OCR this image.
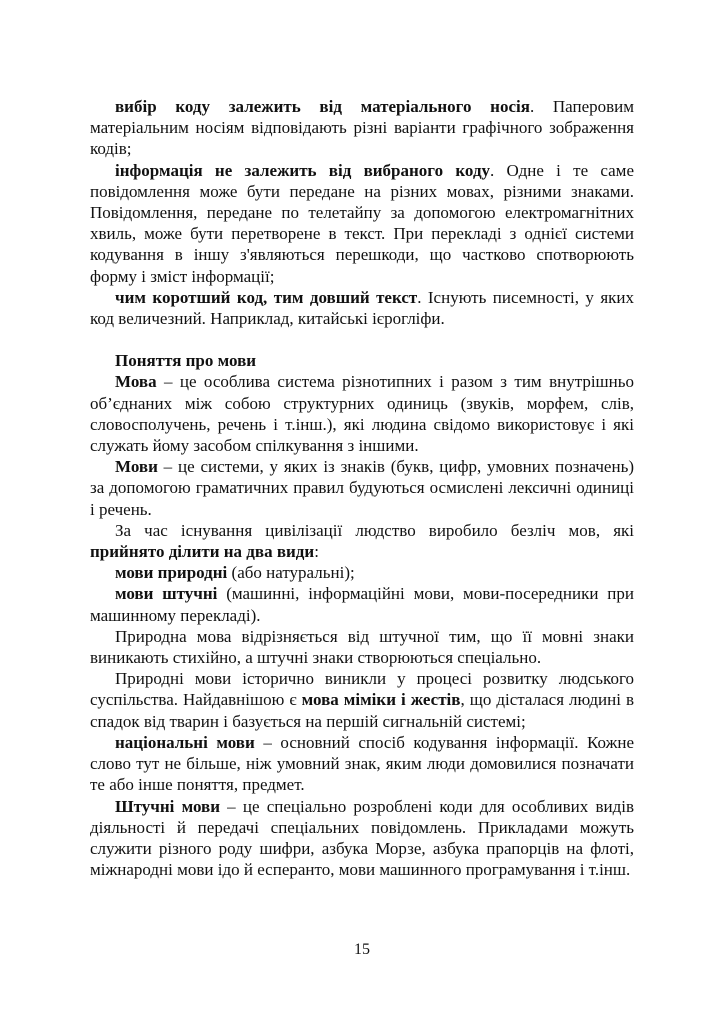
вибір коду залежить від матеріального носія. Паперовим матеріальним носіям відповідають різні варіанти графічного зображення кодів;

інформація не залежить від вибраного коду. Одне і те саме повідомлення може бути передане на різних мовах, різними знаками. Повідомлення, передане по телетайпу за допомогою електромагнітних хвиль, може бути перетворене в текст. При перекладі з однієї системи кодування в іншу з'являються перешкоди, що частково спотворюють форму і зміст інформації;

чим коротший код, тим довший текст. Існують писемності, у яких код величезний. Наприклад, китайські ієрогліфи.

Поняття про мови

Мова – це особлива система різнотипних і разом з тим внутрішньо об’єднаних між собою структурних одиниць (звуків, морфем, слів, словосполучень, речень і т.інш.), які людина свідомо використовує і які служать йому засобом спілкування з іншими.

Мови – це системи, у яких із знаків (букв, цифр, умовних позначень) за допомогою граматичних правил будуються осмислені лексичні одиниці і речень.

За час існування цивілізації людство виробило безліч мов, які прийнято ділити на два види:

мови природні (або натуральні);

мови штучні (машинні, інформаційні мови, мови-посередники при машинному перекладі).

Природна мова відрізняється від штучної тим, що її мовні знаки виникають стихійно, а штучні знаки створюються спеціально.

Природні мови історично виникли у процесі розвитку людського суспільства. Найдавнішою є мова міміки і жестів, що дісталася людині в спадок від тварин і базується на першій сигнальній системі;

національні мови – основний спосіб кодування інформації. Кожне слово тут не більше, ніж умовний знак, яким люди домовилися позначати те або інше поняття, предмет.

Штучні мови – це спеціально розроблені коди для особливих видів діяльності й передачі спеціальних повідомлень. Прикладами можуть служити різного роду шифри, азбука Морзе, азбука прапорців на флоті, міжнародні мови ідо й есперанто, мови машинного програмування і т.інш.

15
